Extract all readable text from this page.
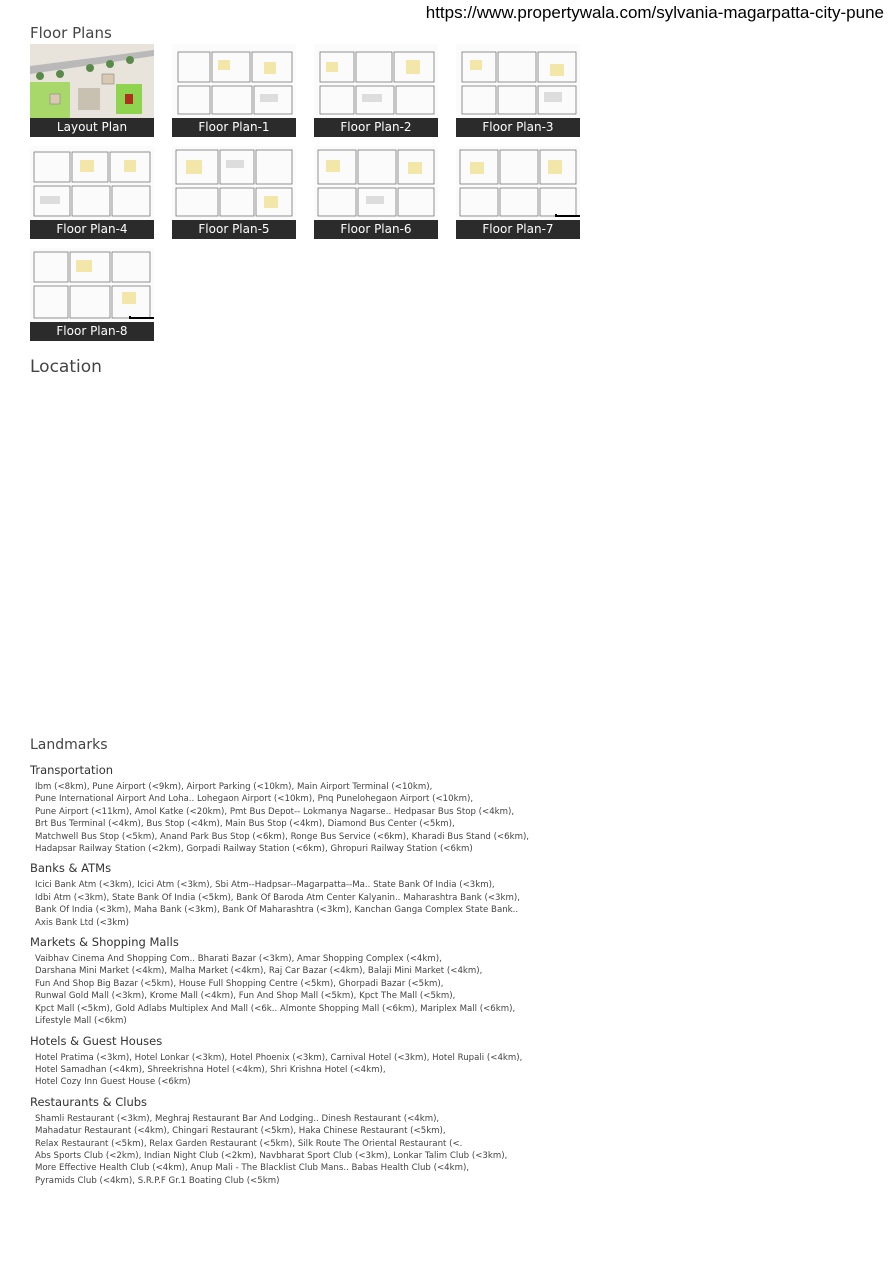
https://www.propertywala.com/sylvania-magarpatta-city-pune
Floor Plans
Layout Plan	Floor Plan-1	Floor Plan-2	Floor Plan-3
Floor Plan-4	Floor Plan-5	Floor Plan-6	Floor Plan-7
Floor Plan-8
Location
Landmarks
Transportation
Ibm (<8km), Pune Airport (<9km), Airport Parking (<10km), Main Airport Terminal (<10km),
Pune International Airport And Loha.. Lohegaon Airport (<10km), Pnq Punelohegaon Airport (<10km),
Pune Airport (<11km), Amol Katke (<20km), Pmt Bus Depot-- Lokmanya Nagarse.. Hedpasar Bus Stop (<4km),
Brt Bus Terminal (<4km), Bus Stop (<4km), Main Bus Stop (<4km), Diamond Bus Center (<5km),
Matchwell Bus Stop (<5km), Anand Park Bus Stop (<6km), Ronge Bus Service (<6km), Kharadi Bus Stand (<6km),
Hadapsar Railway Station (<2km), Gorpadi Railway Station (<6km), Ghropuri Railway Station (<6km)
Banks & ATMs
Icici Bank Atm (<3km), Icici Atm (<3km), Sbi Atm--Hadpsar--Magarpatta--Ma.. State Bank Of India (<3km),
Idbi Atm (<3km), State Bank Of India (<5km), Bank Of Baroda Atm Center Kalyanin.. Maharashtra Bank (<3km),
Bank Of India (<3km), Maha Bank (<3km), Bank Of Maharashtra (<3km), Kanchan Ganga Complex State Bank..
Axis Bank Ltd (<3km)
Markets & Shopping Malls
Vaibhav Cinema And Shopping Com.. Bharati Bazar (<3km), Amar Shopping Complex (<4km),
Darshana Mini Market (<4km), Malha Market (<4km), Raj Car Bazar (<4km), Balaji Mini Market (<4km),
Fun And Shop Big Bazar (<5km), House Full Shopping Centre (<5km), Ghorpadi Bazar (<5km),
Runwal Gold Mall (<3km), Krome Mall (<4km), Fun And Shop Mall (<5km), Kpct The Mall (<5km),
Kpct Mall (<5km), Gold Adlabs Multiplex And Mall (<6k.. Almonte Shopping Mall (<6km), Mariplex Mall (<6km),
Lifestyle Mall (<6km)
Hotels & Guest Houses
Hotel Pratima (<3km), Hotel Lonkar (<3km), Hotel Phoenix (<3km), Carnival Hotel (<3km), Hotel Rupali (<4km),
Hotel Samadhan (<4km), Shreekrishna Hotel (<4km), Shri Krishna Hotel (<4km),
Hotel Cozy Inn Guest House (<6km)
Restaurants & Clubs
Shamli Restaurant (<3km), Meghraj Restaurant Bar And Lodging.. Dinesh Restaurant (<4km),
Mahadatur Restaurant (<4km), Chingari Restaurant (<5km), Haka Chinese Restaurant (<5km),
Relax Restaurant (<5km), Relax Garden Restaurant (<5km), Silk Route The Oriental Restaurant (<.
Abs Sports Club (<2km), Indian Night Club (<2km), Navbharat Sport Club (<3km), Lonkar Talim Club (<3km),
More Effective Health Club (<4km), Anup Mali - The Blacklist Club Mans.. Babas Health Club (<4km),
Pyramids Club (<4km), S.R.P.F Gr.1 Boating Club (<5km)
